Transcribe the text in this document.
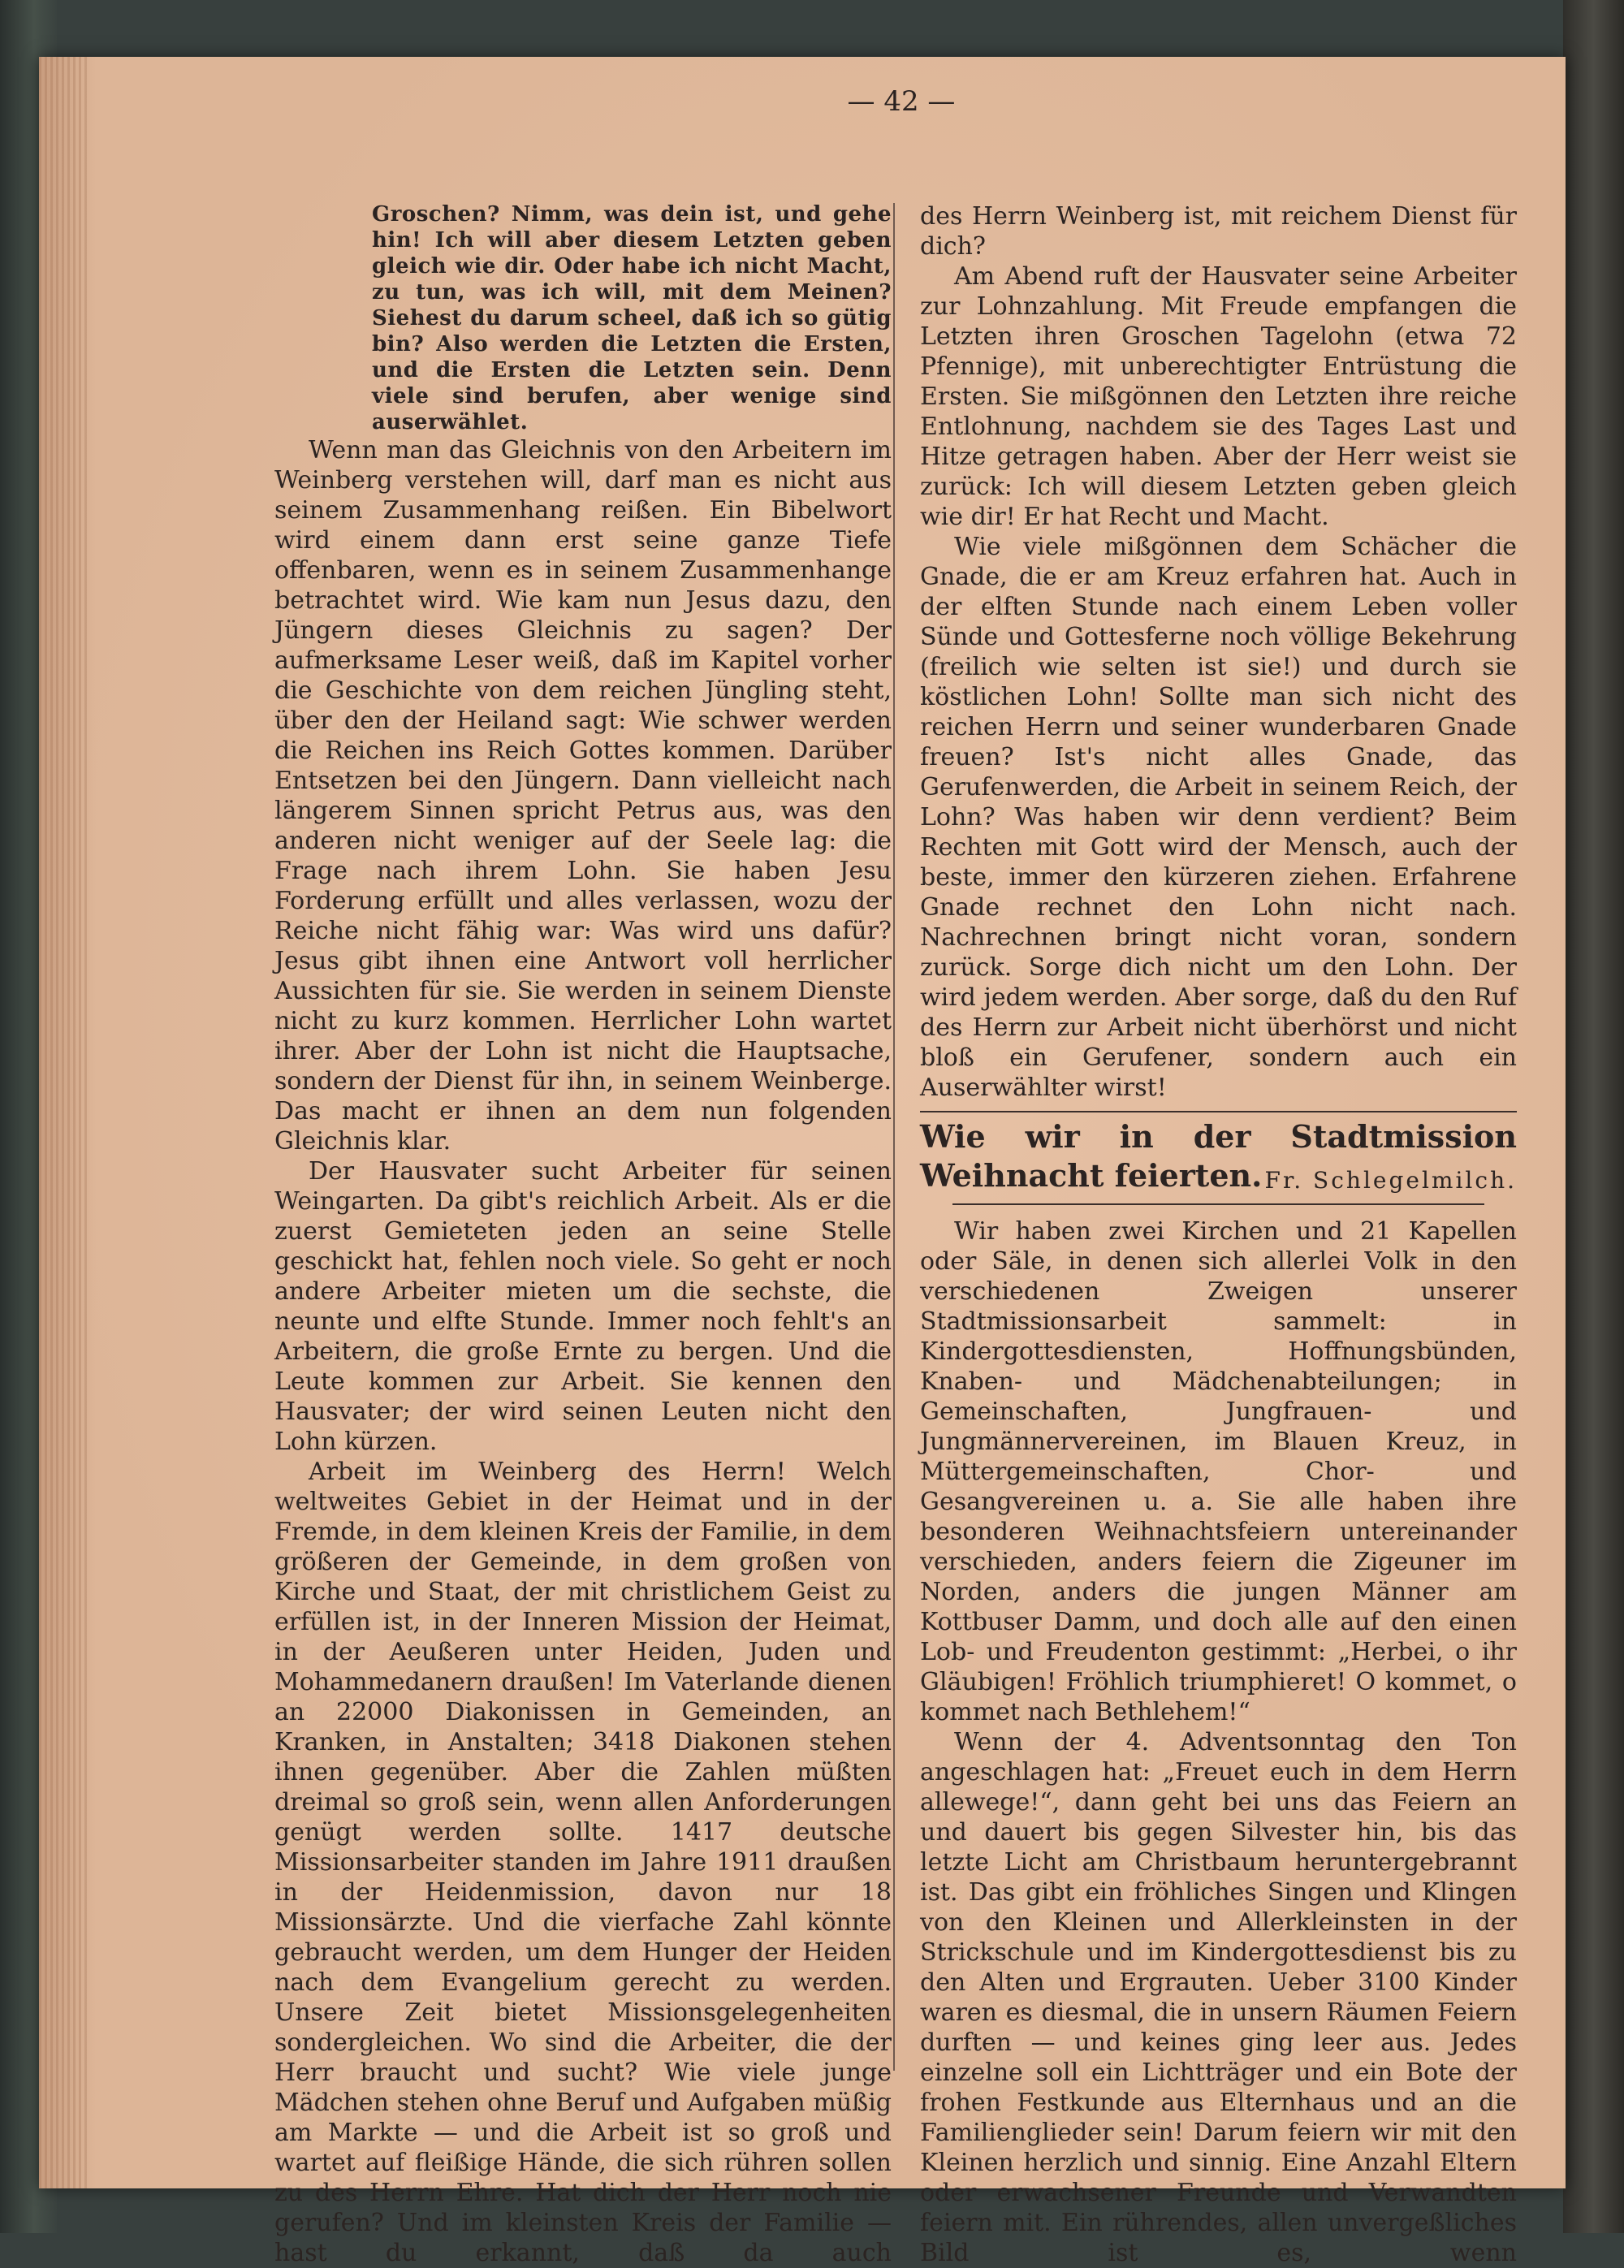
— 42 —

Groschen? Nimm, was dein ist, und gehe hin! Ich will aber diesem Letzten geben gleich wie dir. Oder habe ich nicht Macht, zu tun, was ich will, mit dem Meinen? Siehest du darum scheel, daß ich so gütig bin? Also werden die Letzten die Ersten, und die Ersten die Letzten sein. Denn viele sind berufen, aber wenige sind auserwählet.

Wenn man das Gleichnis von den Arbeitern im Weinberg verstehen will, darf man es nicht aus seinem Zusammenhang reißen. Ein Bibelwort wird einem dann erst seine ganze Tiefe offenbaren, wenn es in seinem Zusammenhange betrachtet wird. Wie kam nun Jesus dazu, den Jüngern dieses Gleichnis zu sagen? Der aufmerksame Leser weiß, daß im Kapitel vorher die Geschichte von dem reichen Jüngling steht, über den der Heiland sagt: Wie schwer werden die Reichen ins Reich Gottes kommen. Darüber Entsetzen bei den Jüngern. Dann vielleicht nach längerem Sinnen spricht Petrus aus, was den anderen nicht weniger auf der Seele lag: die Frage nach ihrem Lohn. Sie haben Jesu Forderung erfüllt und alles verlassen, wozu der Reiche nicht fähig war: Was wird uns dafür? Jesus gibt ihnen eine Antwort voll herrlicher Aussichten für sie. Sie werden in seinem Dienste nicht zu kurz kommen. Herrlicher Lohn wartet ihrer. Aber der Lohn ist nicht die Hauptsache, sondern der Dienst für ihn, in seinem Weinberge. Das macht er ihnen an dem nun folgenden Gleichnis klar.

Der Hausvater sucht Arbeiter für seinen Weingarten. Da gibt's reichlich Arbeit. Als er die zuerst Gemieteten jeden an seine Stelle geschickt hat, fehlen noch viele. So geht er noch andere Arbeiter mieten um die sechste, die neunte und elfte Stunde. Immer noch fehlt's an Arbeitern, die große Ernte zu bergen. Und die Leute kommen zur Arbeit. Sie kennen den Hausvater; der wird seinen Leuten nicht den Lohn kürzen.

Arbeit im Weinberg des Herrn! Welch weltweites Gebiet in der Heimat und in der Fremde, in dem kleinen Kreis der Familie, in dem größeren der Gemeinde, in dem großen von Kirche und Staat, der mit christlichem Geist zu erfüllen ist, in der Inneren Mission der Heimat, in der Aeußeren unter Heiden, Juden und Mohammedanern draußen! Im Vaterlande dienen an 22000 Diakonissen in Gemeinden, an Kranken, in Anstalten; 3418 Diakonen stehen ihnen gegenüber. Aber die Zahlen müßten dreimal so groß sein, wenn allen Anforderungen genügt werden sollte. 1417 deutsche Missionsarbeiter standen im Jahre 1911 draußen in der Heidenmission, davon nur 18 Missionsärzte. Und die vierfache Zahl könnte gebraucht werden, um dem Hunger der Heiden nach dem Evangelium gerecht zu werden. Unsere Zeit bietet Missionsgelegenheiten sondergleichen. Wo sind die Arbeiter, die der Herr braucht und sucht? Wie viele junge Mädchen stehen ohne Beruf und Aufgaben müßig am Markte — und die Arbeit ist so groß und wartet auf fleißige Hände, die sich rühren sollen zu des Herrn Ehre. Hat dich der Herr noch nie gerufen? Und im kleinsten Kreis der Familie — hast du erkannt, daß da auch

des Herrn Weinberg ist, mit reichem Dienst für dich?

Am Abend ruft der Hausvater seine Arbeiter zur Lohnzahlung. Mit Freude empfangen die Letzten ihren Groschen Tagelohn (etwa 72 Pfennige), mit unberechtigter Entrüstung die Ersten. Sie mißgönnen den Letzten ihre reiche Entlohnung, nachdem sie des Tages Last und Hitze getragen haben. Aber der Herr weist sie zurück: Ich will diesem Letzten geben gleich wie dir! Er hat Recht und Macht.

Wie viele mißgönnen dem Schächer die Gnade, die er am Kreuz erfahren hat. Auch in der elften Stunde nach einem Leben voller Sünde und Gottesferne noch völlige Bekehrung (freilich wie selten ist sie!) und durch sie köstlichen Lohn! Sollte man sich nicht des reichen Herrn und seiner wunderbaren Gnade freuen? Ist's nicht alles Gnade, das Gerufenwerden, die Arbeit in seinem Reich, der Lohn? Was haben wir denn verdient? Beim Rechten mit Gott wird der Mensch, auch der beste, immer den kürzeren ziehen. Erfahrene Gnade rechnet den Lohn nicht nach. Nachrechnen bringt nicht voran, sondern zurück. Sorge dich nicht um den Lohn. Der wird jedem werden. Aber sorge, daß du den Ruf des Herrn zur Arbeit nicht überhörst und nicht bloß ein Gerufener, sondern auch ein Auserwählter wirst!

Wie wir in der Stadtmission Weihnacht feierten. Fr. Schlegelmilch.

Wir haben zwei Kirchen und 21 Kapellen oder Säle, in denen sich allerlei Volk in den verschiedenen Zweigen unserer Stadtmissionsarbeit sammelt: in Kindergottesdiensten, Hoffnungsbünden, Knaben- und Mädchenabteilungen; in Gemeinschaften, Jungfrauen- und Jungmännervereinen, im Blauen Kreuz, in Müttergemeinschaften, Chor- und Gesangvereinen u. a. Sie alle haben ihre besonderen Weihnachtsfeiern untereinander verschieden, anders feiern die Zigeuner im Norden, anders die jungen Männer am Kottbuser Damm, und doch alle auf den einen Lob- und Freudenton gestimmt: „Herbei, o ihr Gläubigen! Fröhlich triumphieret! O kommet, o kommet nach Bethlehem!“

Wenn der 4. Adventsonntag den Ton angeschlagen hat: „Freuet euch in dem Herrn allewege!“, dann geht bei uns das Feiern an und dauert bis gegen Silvester hin, bis das letzte Licht am Christbaum heruntergebrannt ist. Das gibt ein fröhliches Singen und Klingen von den Kleinen und Allerkleinsten in der Strickschule und im Kindergottesdienst bis zu den Alten und Ergrauten. Ueber 3100 Kinder waren es diesmal, die in unsern Räumen Feiern durften — und keines ging leer aus. Jedes einzelne soll ein Lichtträger und ein Bote der frohen Festkunde aus Elternhaus und an die Familienglieder sein! Darum feiern wir mit den Kleinen herzlich und sinnig. Eine Anzahl Eltern oder erwachsener Freunde und Verwandten feiern mit. Ein rührendes, allen unvergeßliches Bild ist es, wenn
